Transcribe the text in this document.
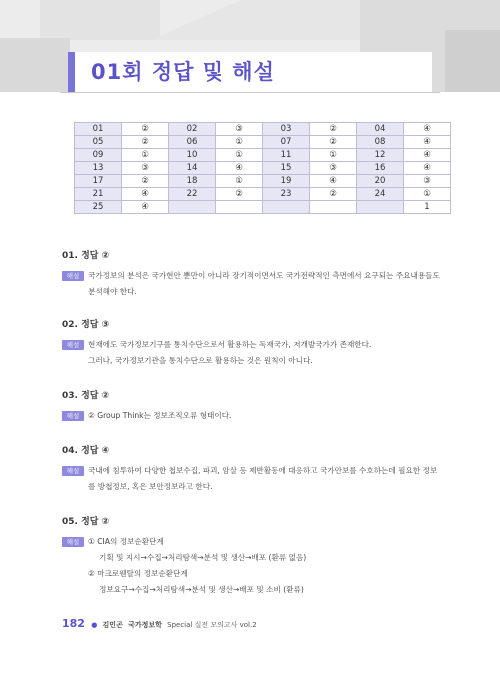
01회 정답 및 해설
01	②	02	③	03	②	04	④
05	②	06	①	07	②	08	④
09	①	10	①	11	①	12	④
13	③	14	④	15	③	16	④
17	②	18	①	19	④	20	③
21	④	22	②	23	②	24	①
25	④						1
01. 정답 ②
해설	국가정보의 분석은 국가현안 뿐만이 아니라 장기적이면서도 국가전략적인 측면에서 요구되는 주요내용들도
분석해야 한다.
02. 정답 ③
해설	현재에도 국가정보기구를 통치수단으로서 활용하는 독재국가, 저개발국가가 존재한다.
그러나, 국가정보기관을 통치수단으로 활용하는 것은 원칙이 아니다.
03. 정답 ②
해설	② Group Think는 정보조직오류 형태이다.
04. 정답 ④
해설	국내에 침투하여 다양한 첩보수집, 파괴, 암살 등 제반활동에 대응하고 국가안보를 수호하는데 필요한 정보
를 방첩정보, 혹은 보안정보라고 한다.
05. 정답 ②
해설	① CIA의 정보순환단계
기획 및 지시→수집→처리탐색→분석 및 생산→배포 (환류 없음)
② 마크로웬탈의 정보순환단계
정보요구→수집→처리탐색→분석 및 생산→배포 및 소비 (환류)
182 ● 김민곤 국가정보학 Special 실전 모의고사 vol.2
